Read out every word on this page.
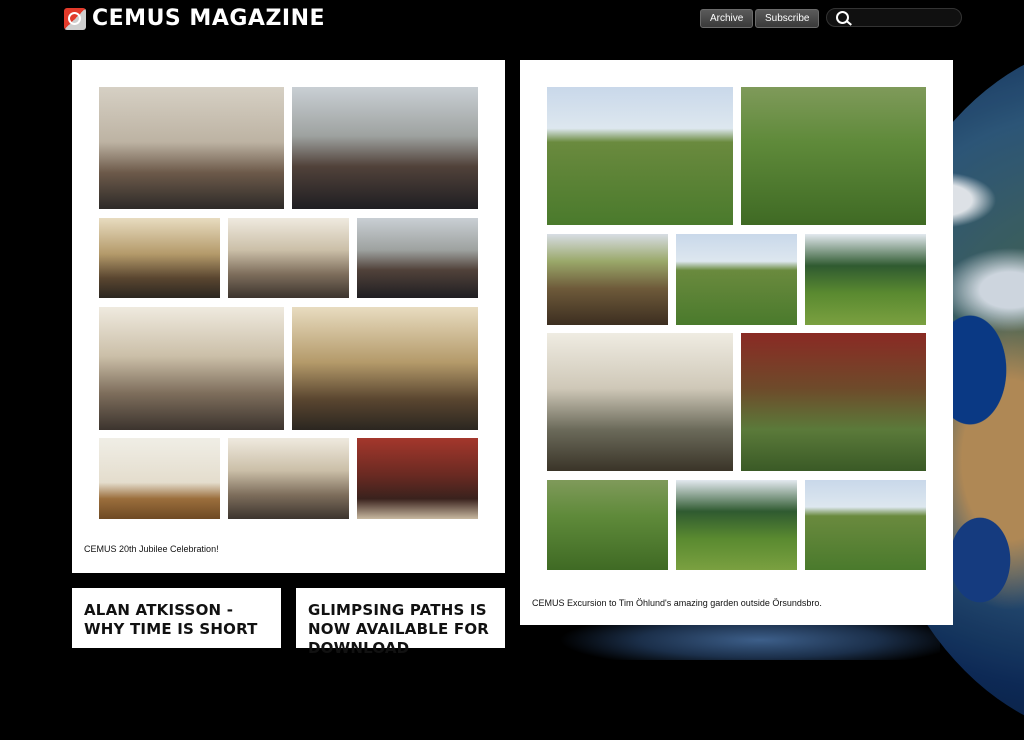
CEMUS MAGAZINE	Archive	Subscribe
CEMUS 20th Jubilee Celebration!
CEMUS Excursion to Tim Öhlund's amazing garden outside Örsundsbro.
ALAN ATKISSON - WHY TIME IS SHORT
GLIMPSING PATHS IS NOW AVAILABLE FOR DOWNLOAD
